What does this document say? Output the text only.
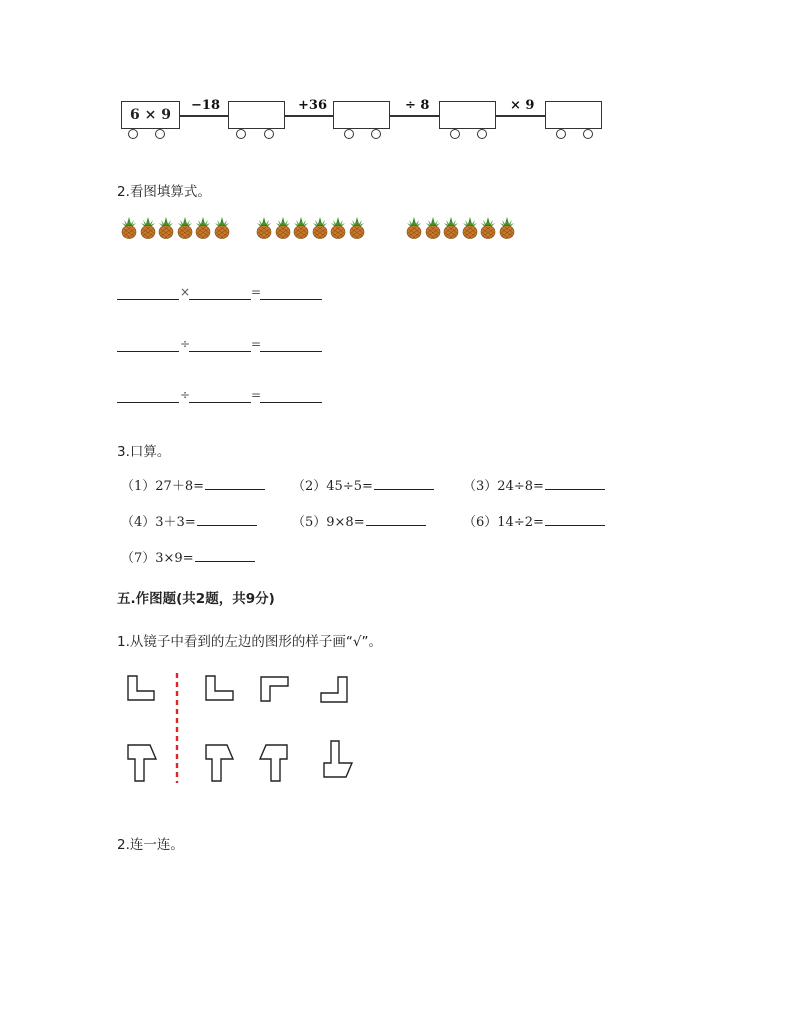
6 × 9
−18	+36	÷ 8	× 9
2.看图填算式。
×	=
÷	=
÷	=
3.口算。
（1）27＋8=	（2）45÷5=	（3）24÷8=
（4）3＋3=	（5）9×8=	（6）14÷2=
（7）3×9=
五.作图题(共2题，共9分)
1.从镜子中看到的左边的图形的样子画“√”。
2.连一连。
